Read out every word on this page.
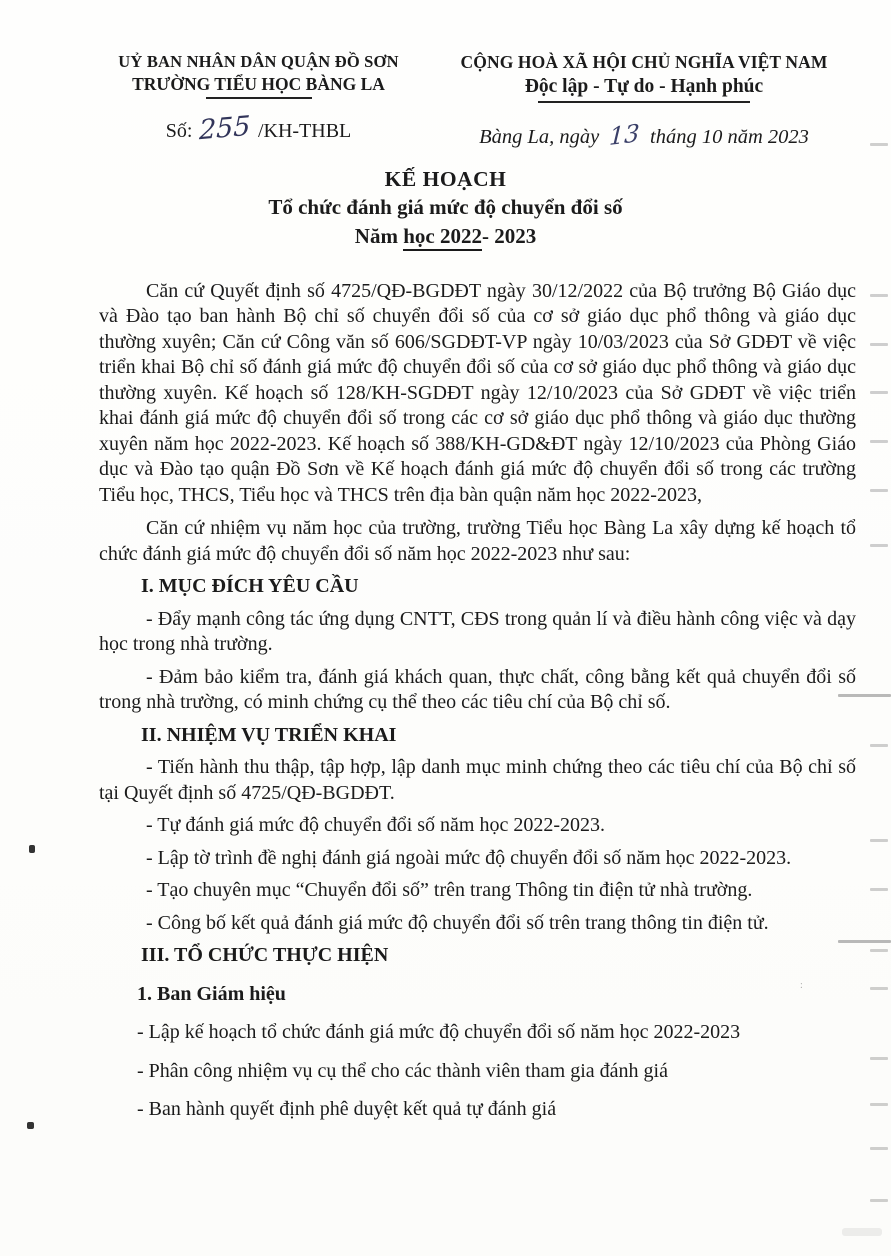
UỶ BAN NHÂN DÂN QUẬN ĐỒ SƠN
TRƯỜNG TIỂU HỌC BÀNG LA
Số: 255 /KH-THBL
CỘNG HOÀ XÃ HỘI CHỦ NGHĨA VIỆT NAM
Độc lập - Tự do - Hạnh phúc
Bàng La, ngày 13 tháng 10 năm 2023
KẾ HOẠCH
Tổ chức đánh giá mức độ chuyển đổi số
Năm học 2022- 2023
Căn cứ Quyết định số 4725/QĐ-BGDĐT ngày 30/12/2022 của Bộ trưởng Bộ Giáo dục và Đào tạo ban hành Bộ chỉ số chuyển đổi số của cơ sở giáo dục phổ thông và giáo dục thường xuyên; Căn cứ Công văn số 606/SGDĐT-VP ngày 10/03/2023 của Sở GDĐT về việc triển khai Bộ chỉ số đánh giá mức độ chuyển đổi số của cơ sở giáo dục phổ thông và giáo dục thường xuyên. Kế hoạch số 128/KH-SGDĐT ngày 12/10/2023 của Sở GDĐT về việc triển khai đánh giá mức độ chuyển đổi số trong các cơ sở giáo dục phổ thông và giáo dục thường xuyên năm học 2022-2023. Kế hoạch số 388/KH-GD&ĐT ngày 12/10/2023 của Phòng Giáo dục và Đào tạo quận Đồ Sơn về Kế hoạch đánh giá mức độ chuyển đổi số trong các trường Tiểu học, THCS, Tiểu học và THCS trên địa bàn quận năm học 2022-2023,
Căn cứ nhiệm vụ năm học của trường, trường Tiểu học Bàng La xây dựng kế hoạch tổ chức đánh giá mức độ chuyển đổi số năm học 2022-2023 như sau:
I. MỤC ĐÍCH YÊU CẦU
- Đẩy mạnh công tác ứng dụng CNTT, CĐS trong quản lí và điều hành công việc và dạy học trong nhà trường.
- Đảm bảo kiểm tra, đánh giá khách quan, thực chất, công bằng kết quả chuyển đổi số trong nhà trường, có minh chứng cụ thể theo các tiêu chí của Bộ chỉ số.
II. NHIỆM VỤ TRIỂN KHAI
- Tiến hành thu thập, tập hợp, lập danh mục minh chứng theo các tiêu chí của Bộ chỉ số tại Quyết định số 4725/QĐ-BGDĐT.
- Tự đánh giá mức độ chuyển đổi số năm học 2022-2023.
- Lập tờ trình đề nghị đánh giá ngoài mức độ chuyển đổi số năm học 2022-2023.
- Tạo chuyên mục “Chuyển đổi số” trên trang Thông tin điện tử nhà trường.
- Công bố kết quả đánh giá mức độ chuyển đổi số trên trang thông tin điện tử.
III. TỔ CHỨC THỰC HIỆN
1. Ban Giám hiệu
- Lập kế hoạch tổ chức đánh giá mức độ chuyển đổi số năm học 2022-2023
- Phân công nhiệm vụ cụ thể cho các thành viên tham gia đánh giá
- Ban hành quyết định phê duyệt kết quả tự đánh giá
:
